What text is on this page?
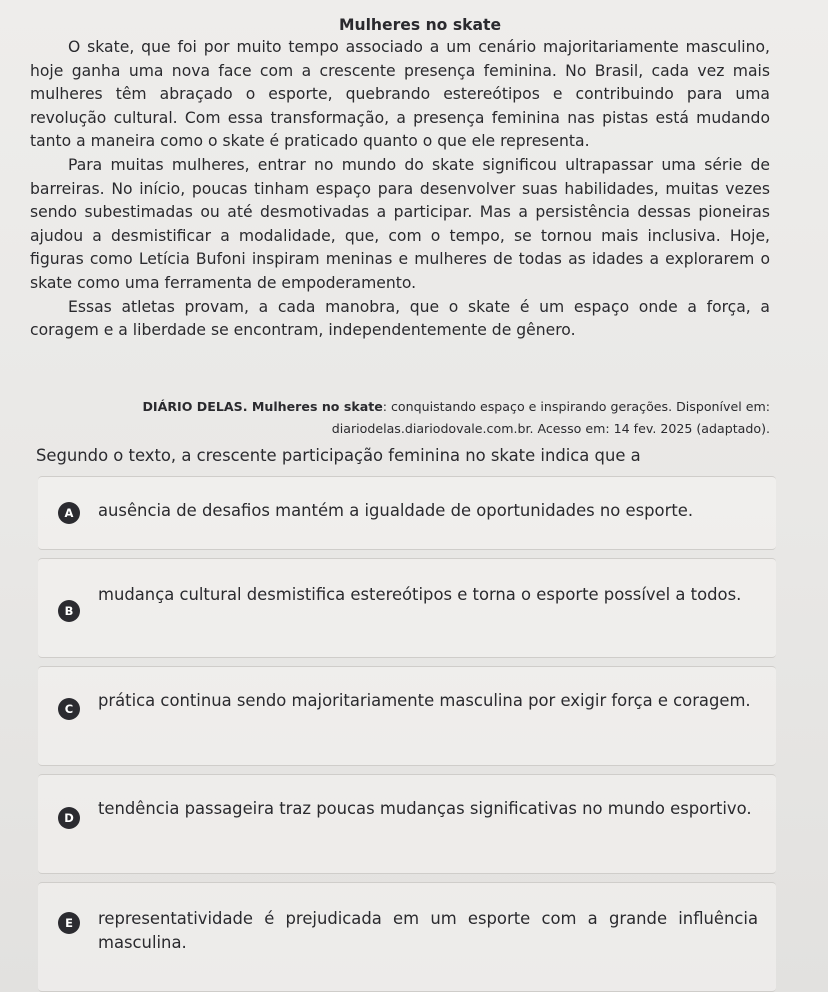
Mulheres no skate

O skate, que foi por muito tempo associado a um cenário majoritariamente masculino, hoje ganha uma nova face com a crescente presença feminina. No Brasil, cada vez mais mulheres têm abraçado o esporte, quebrando estereótipos e contribuindo para uma revolução cultural. Com essa transformação, a presença feminina nas pistas está mudando tanto a maneira como o skate é praticado quanto o que ele representa.

Para muitas mulheres, entrar no mundo do skate significou ultrapassar uma série de barreiras. No início, poucas tinham espaço para desenvolver suas habilidades, muitas vezes sendo subestimadas ou até desmotivadas a participar. Mas a persistência dessas pioneiras ajudou a desmistificar a modalidade, que, com o tempo, se tornou mais inclusiva. Hoje, figuras como Letícia Bufoni inspiram meninas e mulheres de todas as idades a explorarem o skate como uma ferramenta de empoderamento.

Essas atletas provam, a cada manobra, que o skate é um espaço onde a força, a coragem e a liberdade se encontram, independentemente de gênero.

DIÁRIO DELAS. Mulheres no skate: conquistando espaço e inspirando gerações. Disponível em:
diariodelas.diariodovale.com.br. Acesso em: 14 fev. 2025 (adaptado).
Segundo o texto, a crescente participação feminina no skate indica que a
A	ausência de desafios mantém a igualdade de oportunidades no esporte.
B
mudança cultural desmistifica estereótipos e torna o esporte possível a todos.
C	prática continua sendo majoritariamente masculina por exigir força e coragem.
D	tendência passageira traz poucas mudanças significativas no mundo esportivo.
E	representatividade é prejudicada em um esporte com a grande influência masculina.
